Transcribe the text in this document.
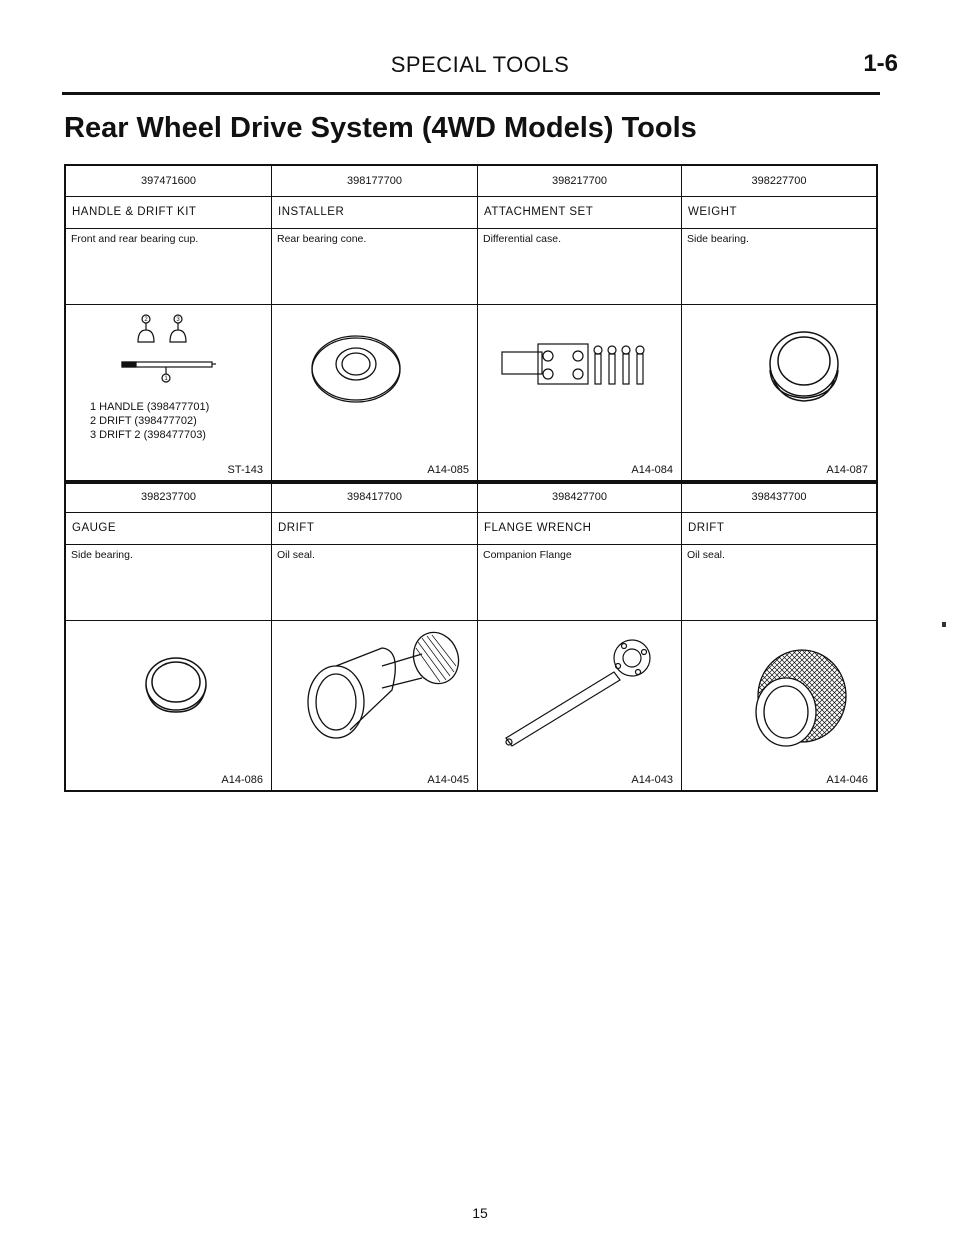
SPECIAL TOOLS	1-6
Rear Wheel Drive System (4WD Models) Tools
397471600	398177700	398217700	398227700
HANDLE & DRIFT KIT	INSTALLER	ATTACHMENT SET	WEIGHT
Front and rear bearing cup.	Rear bearing cone.	Differential case.	Side bearing.
2	3
1
1 HANDLE (398477701)
2 DRIFT (398477702)
3 DRIFT 2 (398477703)
ST-143	A14-085	A14-084	A14-087
398237700	398417700	398427700	398437700
GAUGE	DRIFT	FLANGE WRENCH	DRIFT
Side bearing.	Oil seal.	Companion Flange	Oil seal.
A14-086	A14-045	A14-043	A14-046
15
